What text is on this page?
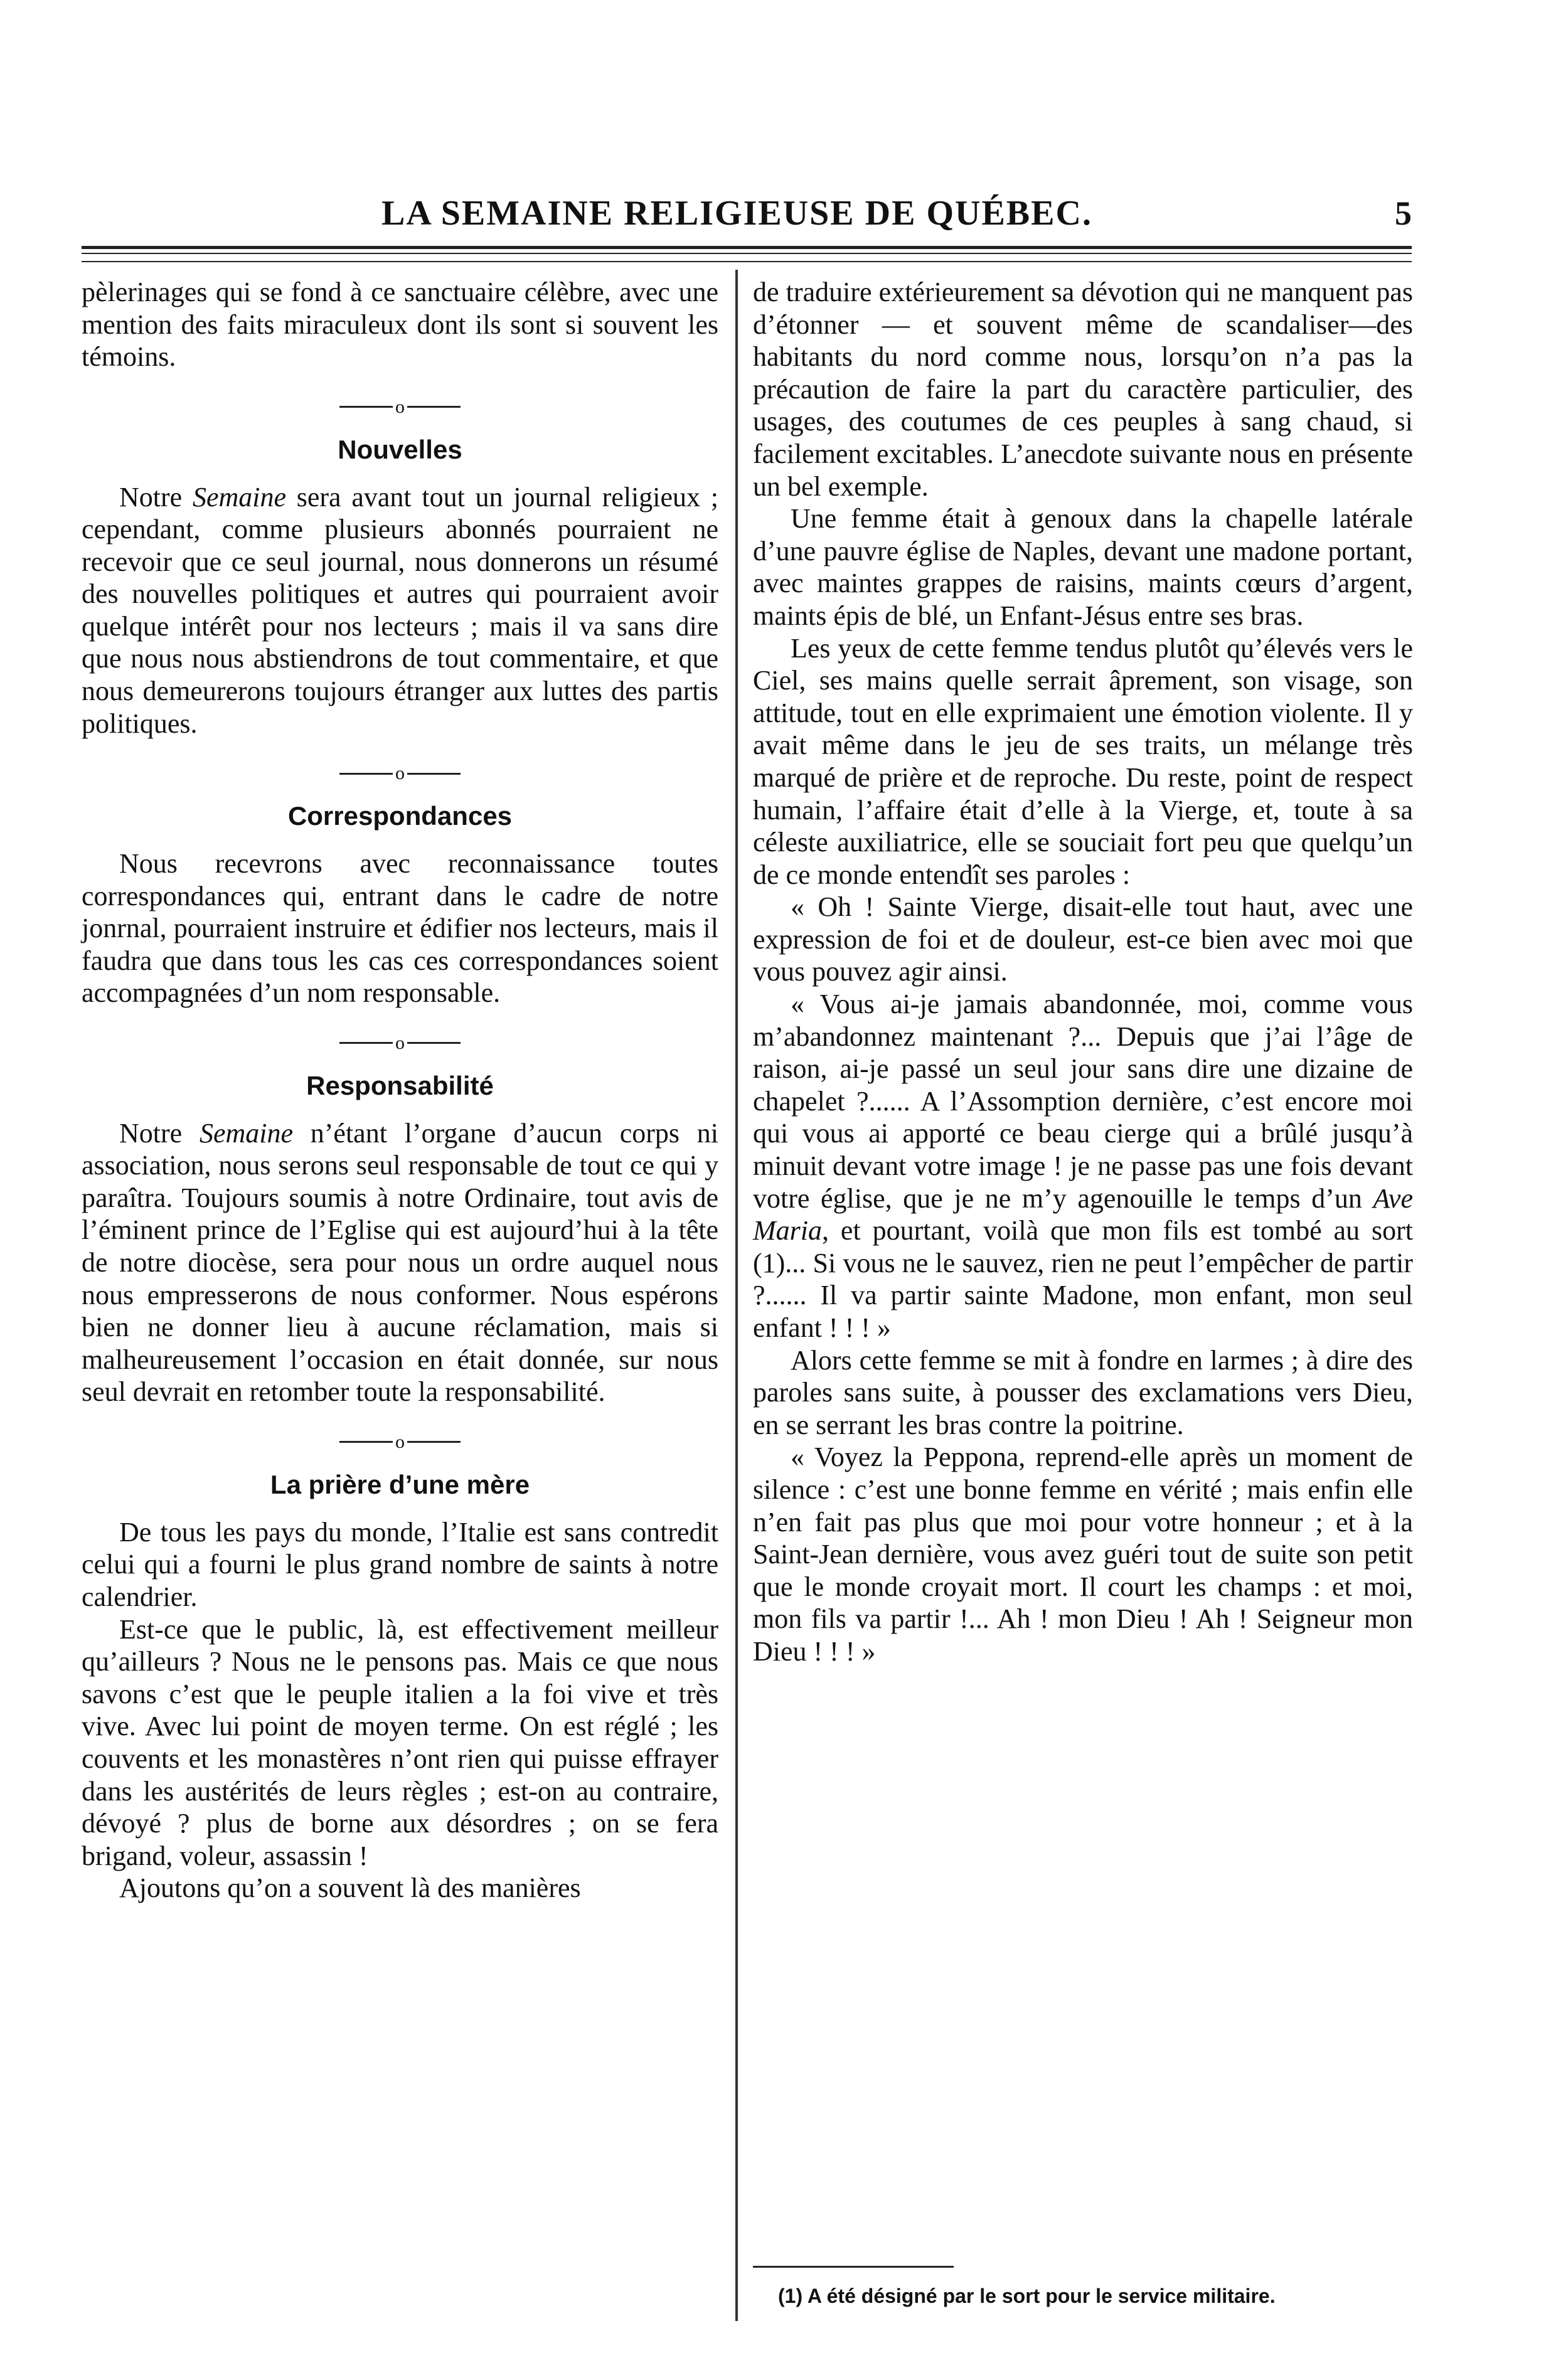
LA SEMAINE RELIGIEUSE DE QUÉBEC.	5

pèlerinages qui se fond à ce sanctuaire célèbre, avec une mention des faits miraculeux dont ils sont si souvent les témoins.

o
Nouvelles

Notre Semaine sera avant tout un journal religieux ; cependant, comme plusieurs abonnés pourraient ne recevoir que ce seul journal, nous donnerons un résumé des nouvelles politiques et autres qui pourraient avoir quelque intérêt pour nos lecteurs ; mais il va sans dire que nous nous abstiendrons de tout commentaire, et que nous demeurerons toujours étranger aux luttes des partis politiques.

o
Correspondances

Nous recevrons avec reconnaissance toutes correspondances qui, entrant dans le cadre de notre jonrnal, pourraient instruire et édifier nos lecteurs, mais il faudra que dans tous les cas ces correspondances soient accompagnées d’un nom responsable.

o
Responsabilité

Notre Semaine n’étant l’organe d’aucun corps ni association, nous serons seul responsable de tout ce qui y paraîtra. Toujours soumis à notre Ordinaire, tout avis de l’éminent prince de l’Eglise qui est aujourd’hui à la tête de notre diocèse, sera pour nous un ordre auquel nous nous empresserons de nous conformer. Nous espérons bien ne donner lieu à aucune réclamation, mais si malheureusement l’occasion en était donnée, sur nous seul devrait en retomber toute la responsabilité.

o
La prière d’une mère

De tous les pays du monde, l’Italie est sans contredit celui qui a fourni le plus grand nombre de saints à notre calendrier.

Est-ce que le public, là, est effectivement meilleur qu’ailleurs ? Nous ne le pensons pas. Mais ce que nous savons c’est que le peuple italien a la foi vive et très vive. Avec lui point de moyen terme. On est réglé ; les couvents et les monastères n’ont rien qui puisse effrayer dans les austérités de leurs règles ; est-on au contraire, dévoyé ? plus de borne aux désordres ; on se fera brigand, voleur, assassin !

Ajoutons qu’on a souvent là des manières

de traduire extérieurement sa dévotion qui ne manquent pas d’étonner — et souvent même de scandaliser—des habitants du nord comme nous, lorsqu’on n’a pas la précaution de faire la part du caractère particulier, des usages, des coutumes de ces peuples à sang chaud, si facilement excitables. L’anecdote suivante nous en présente un bel exemple.

Une femme était à genoux dans la chapelle latérale d’une pauvre église de Naples, devant une madone portant, avec maintes grappes de raisins, maints cœurs d’argent, maints épis de blé, un Enfant-Jésus entre ses bras.

Les yeux de cette femme tendus plutôt qu’élevés vers le Ciel, ses mains quelle serrait âprement, son visage, son attitude, tout en elle exprimaient une émotion violente. Il y avait même dans le jeu de ses traits, un mélange très marqué de prière et de reproche. Du reste, point de respect humain, l’affaire était d’elle à la Vierge, et, toute à sa céleste auxiliatrice, elle se souciait fort peu que quelqu’un de ce monde entendît ses paroles :

« Oh ! Sainte Vierge, disait-elle tout haut, avec une expression de foi et de douleur, est-ce bien avec moi que vous pouvez agir ainsi.

« Vous ai-je jamais abandonnée, moi, comme vous m’abandonnez maintenant ?... Depuis que j’ai l’âge de raison, ai-je passé un seul jour sans dire une dizaine de chapelet ?...... A l’Assomption dernière, c’est encore moi qui vous ai apporté ce beau cierge qui a brûlé jusqu’à minuit devant votre image ! je ne passe pas une fois devant votre église, que je ne m’y agenouille le temps d’un Ave Maria, et pourtant, voilà que mon fils est tombé au sort (1)... Si vous ne le sauvez, rien ne peut l’empêcher de partir ?...... Il va partir sainte Madone, mon enfant, mon seul enfant ! ! ! »

Alors cette femme se mit à fondre en larmes ; à dire des paroles sans suite, à pousser des exclamations vers Dieu, en se serrant les bras contre la poitrine.

« Voyez la Peppona, reprend-elle après un moment de silence : c’est une bonne femme en vérité ; mais enfin elle n’en fait pas plus que moi pour votre honneur ; et à la Saint-Jean dernière, vous avez guéri tout de suite son petit que le monde croyait mort. Il court les champs : et moi, mon fils va partir !... Ah ! mon Dieu ! Ah ! Seigneur mon Dieu ! ! ! »

(1) A été désigné par le sort pour le service militaire.
